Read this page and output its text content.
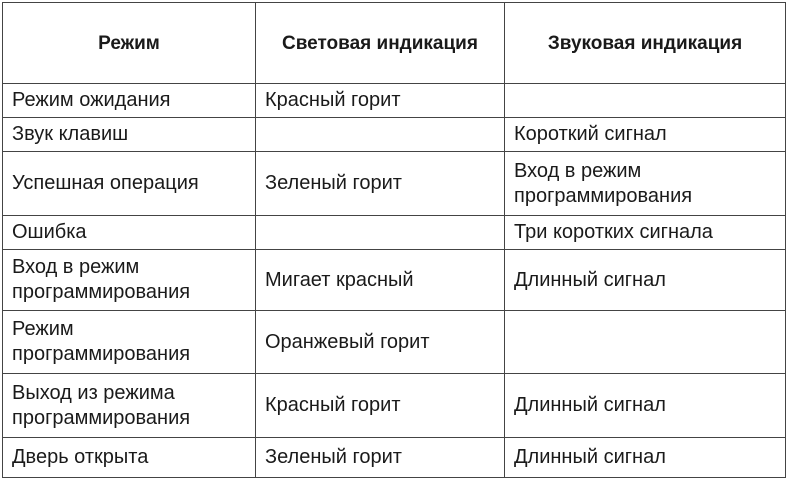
Режим	Световая индикация	Звуковая индикация

Режим ожидания	Красный горит	

Звук клавиш		Короткий сигнал

Успешная операция	Зеленый горит	Вход в режим
программирования

Ошибка		Три коротких сигнала

Вход в режим
программирования	Мигает красный	Длинный сигнал

Режим
программирования	Оранжевый горит	

Выход из режима
программирования	Красный горит	Длинный сигнал

Дверь открыта	Зеленый горит	Длинный сигнал
